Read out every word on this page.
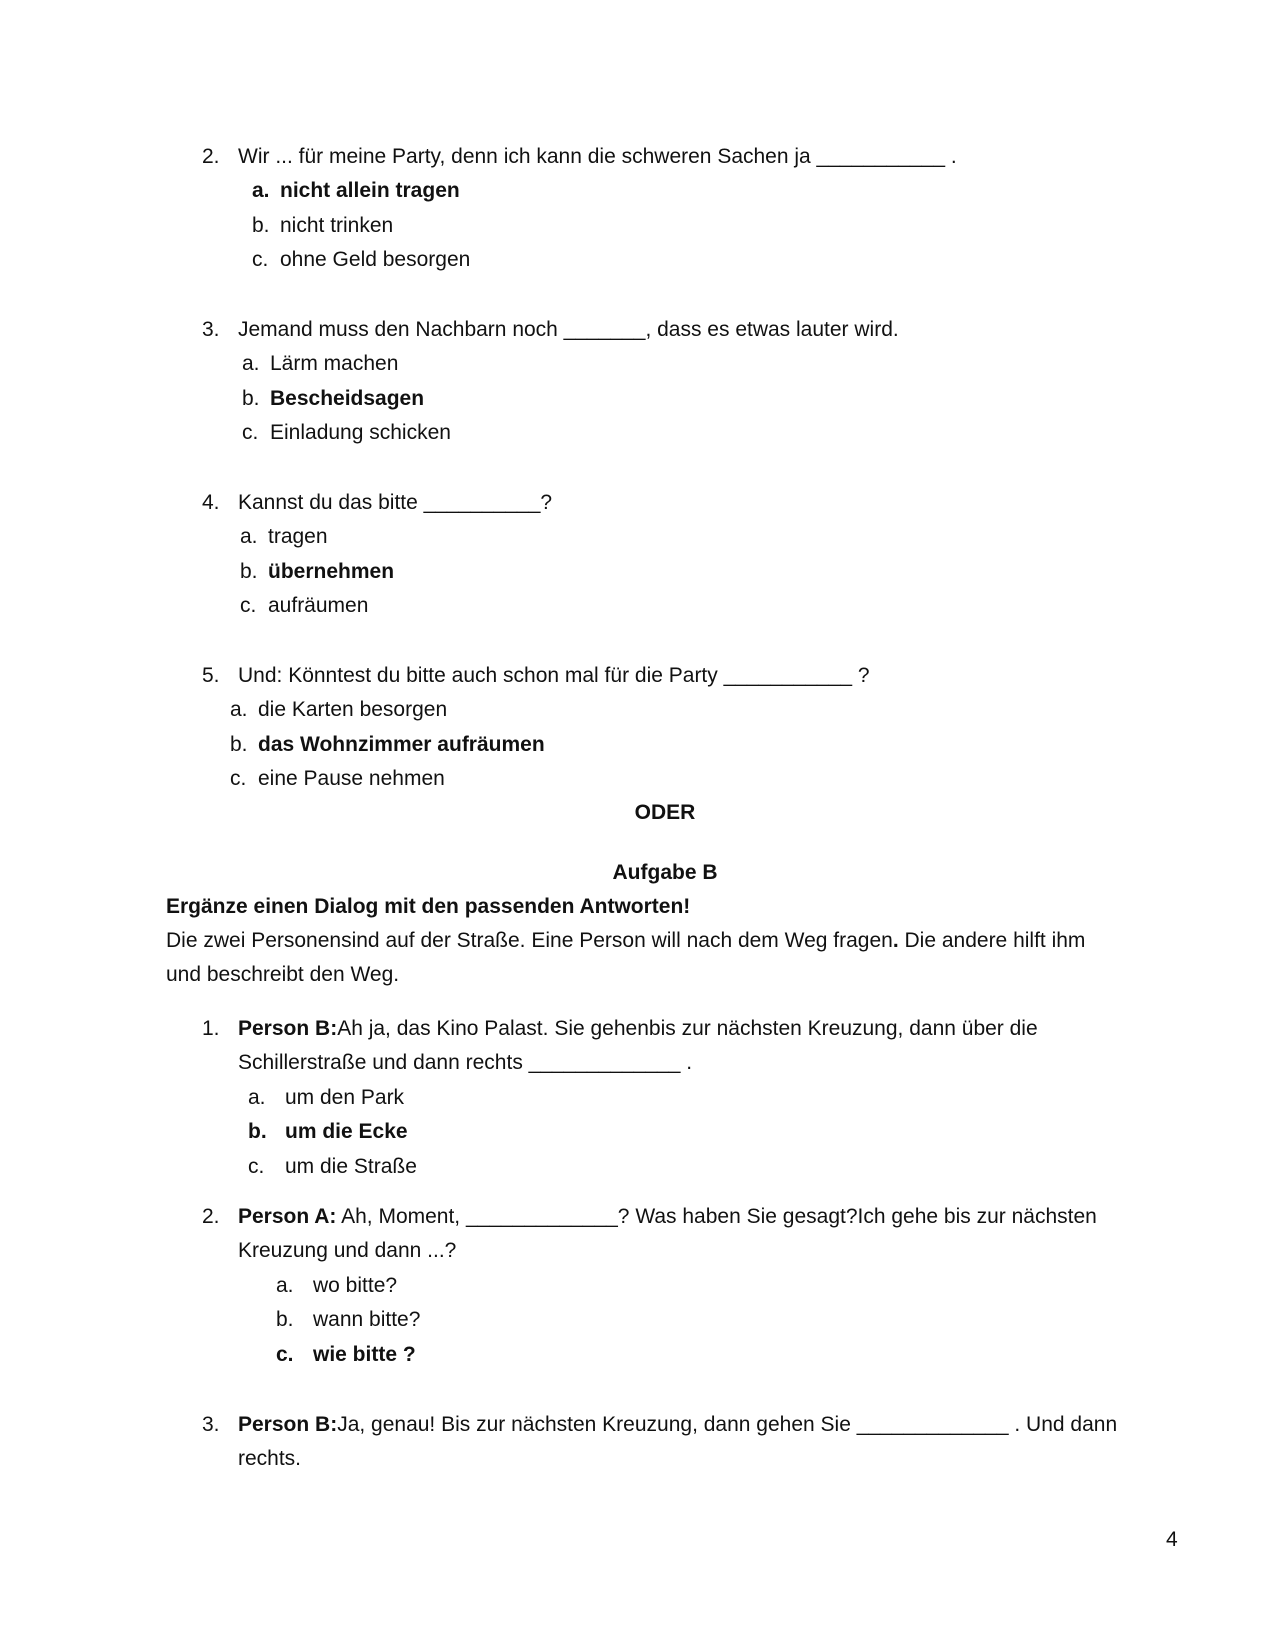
2. Wir ... für meine Party, denn ich kann die schweren Sachen ja ___________ .
a. nicht allein tragen
b. nicht trinken
c. ohne Geld besorgen
3. Jemand muss den Nachbarn noch _______, dass es etwas lauter wird.
a. Lärm machen
b. Bescheidsagen
c. Einladung schicken
4. Kannst du das bitte __________?
a. tragen
b. übernehmen
c. aufräumen
5. Und: Könntest du bitte auch schon mal für die Party ___________ ?
a. die Karten besorgen
b. das Wohnzimmer aufräumen
c. eine Pause nehmen
ODER
Aufgabe B
Ergänze einen Dialog mit den passenden Antworten!
Die zwei Personensind auf der Straße. Eine Person will nach dem Weg fragen. Die andere hilft ihm
und beschreibt den Weg.
1. Person B:Ah ja, das Kino Palast. Sie gehenbis zur nächsten Kreuzung, dann über die
Schillerstraße und dann rechts _____________ .
a. um den Park
b. um die Ecke
c. um die Straße
2. Person A: Ah, Moment, _____________? Was haben Sie gesagt?Ich gehe bis zur nächsten
Kreuzung und dann ...?
a. wo bitte?
b. wann bitte?
c. wie bitte ?
3. Person B:Ja, genau! Bis zur nächsten Kreuzung, dann gehen Sie _____________ . Und dann
rechts.
4
